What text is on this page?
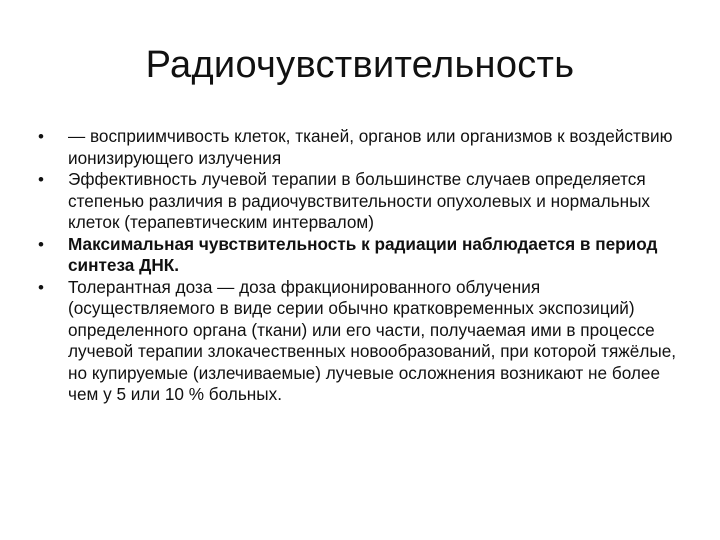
Радиочувствительность
• — восприимчивость клеток, тканей, органов или организмов к воздействию ионизирующего излучения
• Эффективность лучевой терапии в большинстве случаев определяется степенью различия в радиочувствительности опухолевых и нормальных клеток (терапевтическим интервалом)
• Максимальная чувствительность к радиации наблюдается в период синтеза ДНК.
• Толерантная доза — доза фракционированного облучения (осуществляемого в виде серии обычно кратковременных экспозиций) определенного органа (ткани) или его части, получаемая ими в процессе лучевой терапии злокачественных новообразований, при которой тяжёлые, но купируемые (излечиваемые) лучевые осложнения возникают не более чем у 5 или 10 % больных.
